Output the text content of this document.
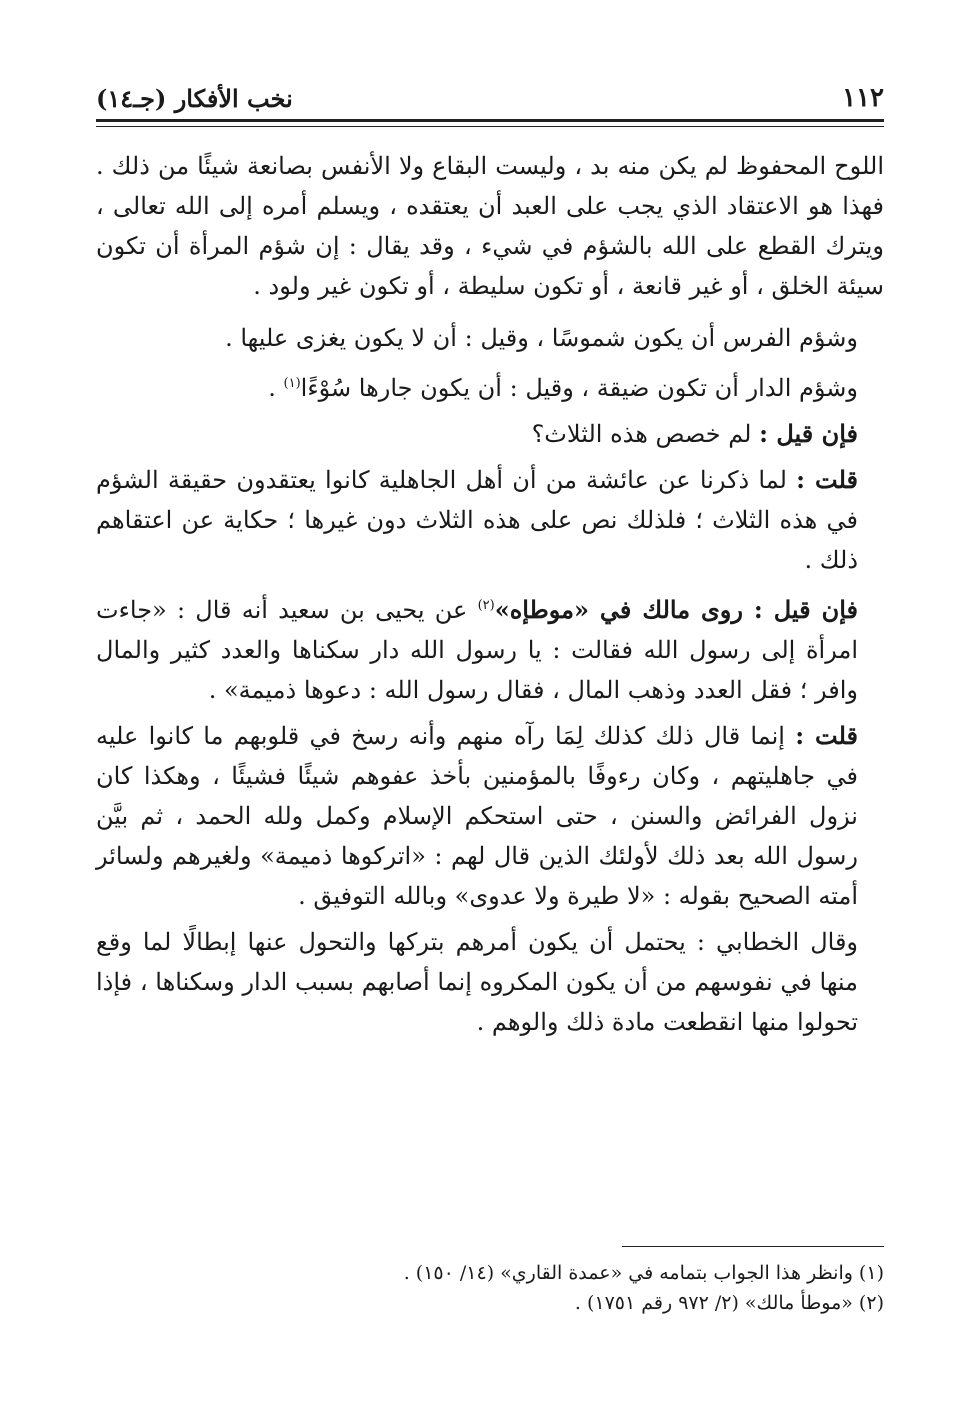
١١٢
نخب الأفكار (جـ١٤)

اللوح المحفوظ لم يكن منه بد ، وليست البقاع ولا الأنفس بصانعة شيئًا من ذلك . فهذا هو الاعتقاد الذي يجب على العبد أن يعتقده ، ويسلم أمره إلى الله تعالى ، ويترك القطع على الله بالشؤم في شيء ، وقد يقال : إن شؤم المرأة أن تكون سيئة الخلق ، أو غير قانعة ، أو تكون سليطة ، أو تكون غير ولود .

وشؤم الفرس أن يكون شموسًا ، وقيل : أن لا يكون يغزى عليها .

وشؤم الدار أن تكون ضيقة ، وقيل : أن يكون جارها سُوْءًا$^{(١)}$ .

فإن قيل : لم خصص هذه الثلاث؟

قلت : لما ذكرنا عن عائشة من أن أهل الجاهلية كانوا يعتقدون حقيقة الشؤم في هذه الثلاث ؛ فلذلك نص على هذه الثلاث دون غيرها ؛ حكاية عن اعتقاهم ذلك .

فإن قيل : روى مالك في «موطإه»$^{(٢)}$ عن يحيى بن سعيد أنه قال : «جاءت امرأة إلى رسول الله فقالت : يا رسول الله دار سكناها والعدد كثير والمال وافر ؛ فقل العدد وذهب المال ، فقال رسول الله : دعوها ذميمة» .

قلت : إنما قال ذلك كذلك لِمَا رآه منهم وأنه رسخ في قلوبهم ما كانوا عليه في جاهليتهم ، وكان رءوفًا بالمؤمنين بأخذ عفوهم شيئًا فشيئًا ، وهكذا كان نزول الفرائض والسنن ، حتى استحكم الإسلام وكمل ولله الحمد ، ثم بيَّن رسول الله بعد ذلك لأولئك الذين قال لهم : «اتركوها ذميمة» ولغيرهم ولسائر أمته الصحيح بقوله : «لا طيرة ولا عدوى» وبالله التوفيق .

وقال الخطابي : يحتمل أن يكون أمرهم بتركها والتحول عنها إبطالًا لما وقع منها في نفوسهم من أن يكون المكروه إنما أصابهم بسبب الدار وسكناها ، فإذا تحولوا منها انقطعت مادة ذلك والوهم .

(١) وانظر هذا الجواب بتمامه في «عمدة القاري» (١٤/ ١٥٠) .

(٢) «موطأ مالك» (٢/ ٩٧٢ رقم ١٧٥١) .
